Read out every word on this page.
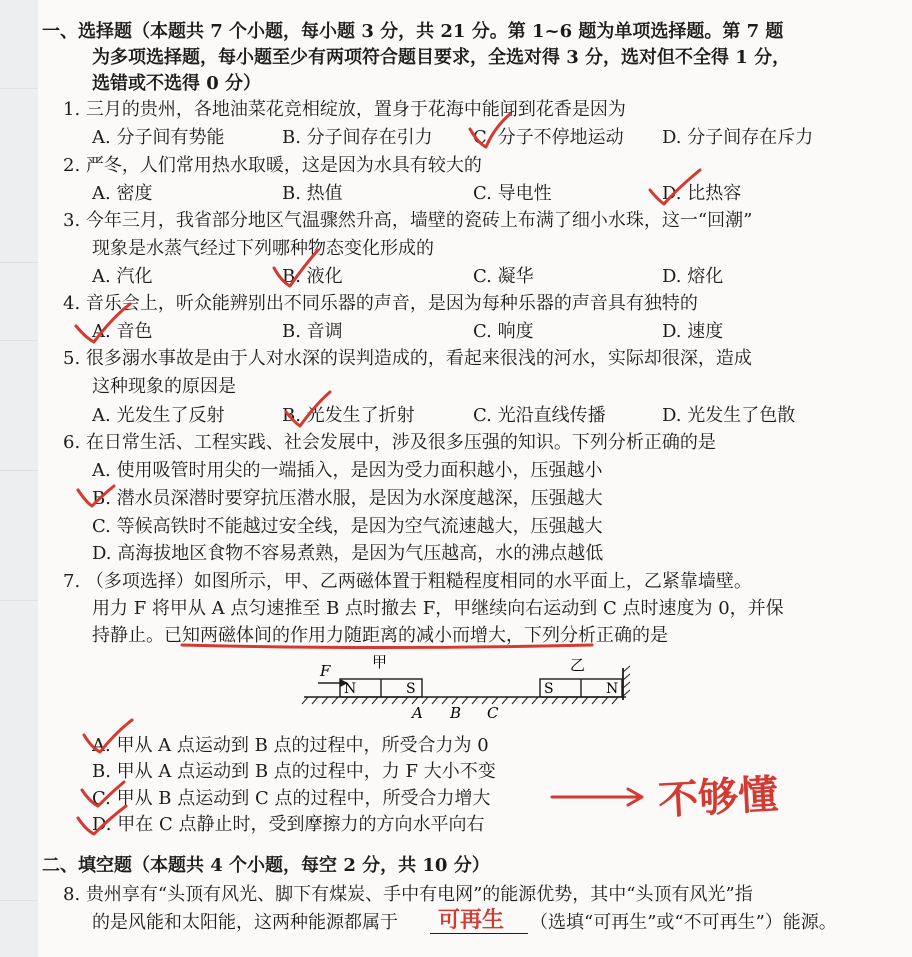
一、选择题（本题共 7 个小题，每小题 3 分，共 21 分。第 1~6 题为单项选择题。第 7 题
为多项选择题，每小题至少有两项符合题目要求，全选对得 3 分，选对但不全得 1 分，
选错或不选得 0 分）
1. 三月的贵州，各地油菜花竞相绽放，置身于花海中能闻到花香是因为
A. 分子间有势能	B. 分子间存在引力 C. 分子不停地运动 D. 分子间存在斥力
2. 严冬，人们常用热水取暖，这是因为水具有较大的
A. 密度	B. 热值	C. 导电性	D. 比热容
3. 今年三月，我省部分地区气温骤然升高，墙壁的瓷砖上布满了细小水珠，这一“回潮”
现象是水蒸气经过下列哪种物态变化形成的
A. 汽化	B. 液化	C. 凝华	D. 熔化
4. 音乐会上，听众能辨别出不同乐器的声音，是因为每种乐器的声音具有独特的
A. 音色	B. 音调	C. 响度	D. 速度
5. 很多溺水事故是由于人对水深的误判造成的，看起来很浅的河水，实际却很深，造成
这种现象的原因是
A. 光发生了反射	B. 光发生了折射	C. 光沿直线传播	D. 光发生了色散
6. 在日常生活、工程实践、社会发展中，涉及很多压强的知识。下列分析正确的是
A. 使用吸管时用尖的一端插入，是因为受力面积越小，压强越小
B. 潜水员深潜时要穿抗压潜水服，是因为水深度越深，压强越大
C. 等候高铁时不能越过安全线，是因为空气流速越大，压强越大
D. 高海拔地区食物不容易煮熟，是因为气压越高，水的沸点越低
7. （多项选择）如图所示，甲、乙两磁体置于粗糙程度相同的水平面上，乙紧靠墙壁。
用力 F 将甲从 A 点匀速推至 B 点时撤去 F，甲继续向右运动到 C 点时速度为 0，并保
持静止。已知两磁体间的作用力随距离的减小而增大，下列分析正确的是
甲	乙
F
N	S	S	N
A B C
A. 甲从 A 点运动到 B 点的过程中，所受合力为 0
B. 甲从 A 点运动到 B 点的过程中，力 F 大小不变
C. 甲从 B 点运动到 C 点的过程中，所受合力增大
D. 甲在 C 点静止时，受到摩擦力的方向水平向右
二、填空题（本题共 4 个小题，每空 2 分，共 10 分）
8. 贵州享有“头顶有风光、脚下有煤炭、手中有电网”的能源优势，其中“头顶有风光”指
的是风能和太阳能，这两种能源都属于	（选填“可再生”或“不可再生”）能源。
不够懂
可再生
